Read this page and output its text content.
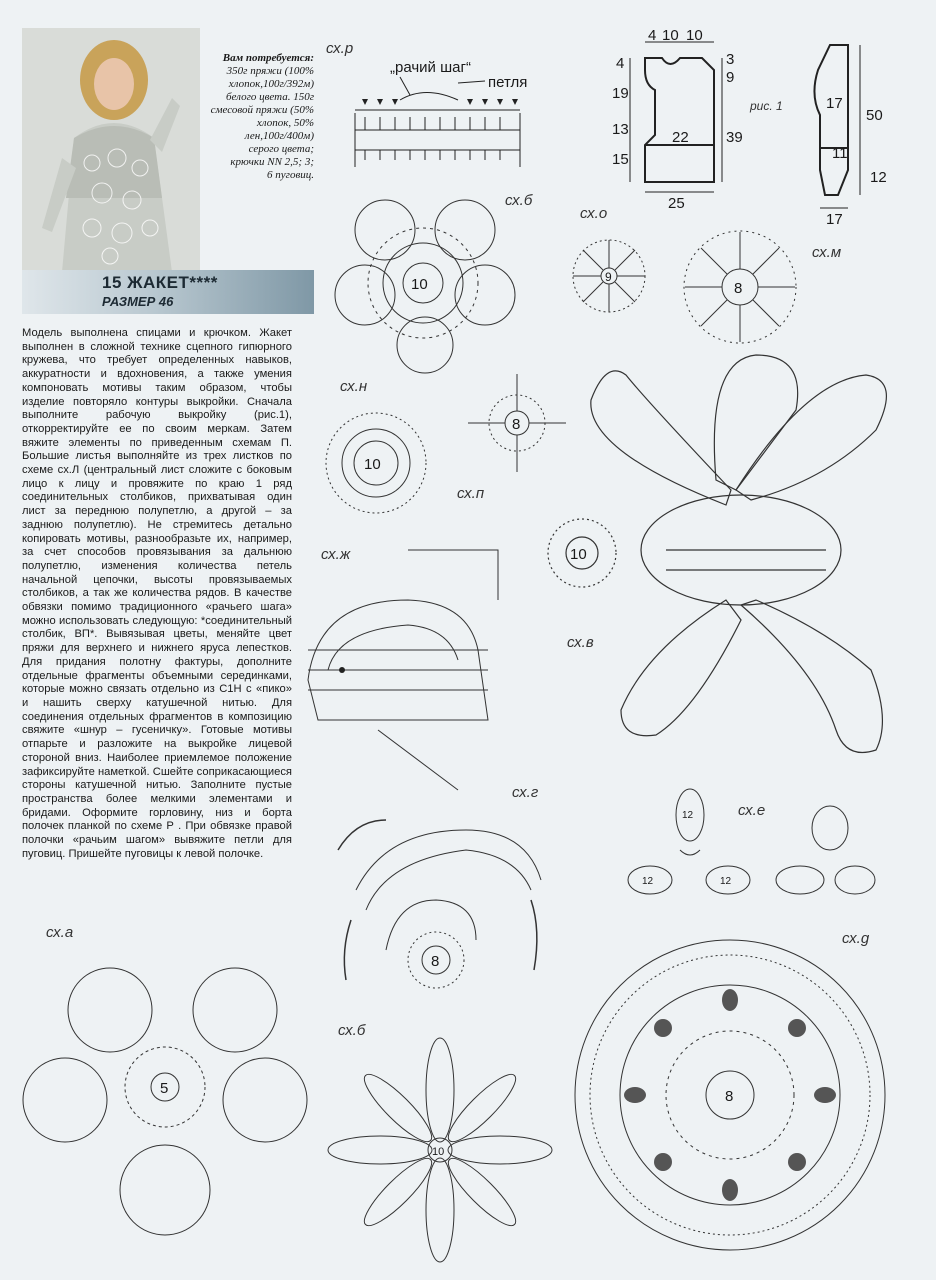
Вам потребуется:
350г пряжи (100%
хлопок,100г/392м)
белого цвета. 150г
смесовой пряжи (50%
хлопок, 50%
лен,100г/400м)
серого цвета;
крючки NN 2,5; 3;
6 пуговиц.
15 ЖАКЕТ****
РАЗМЕР 46

Модель выполнена спицами и крючком. Жакет выполнен в сложной технике сцепного гипюрного кружева, что требует определенных навыков, аккуратности и вдохновения, а также умения компоновать мотивы таким образом, чтобы изделие повторяло контуры выкройки. Сначала выполните рабочую выкройку (рис.1), откорректируйте ее по своим меркам. Затем вяжите элементы по приведенным схемам П. Большие листья выполняйте из трех листков по схеме сх.Л (центральный лист сложите с боковым лицо к лицу и провяжите по краю 1 ряд соединительных столбиков, прихватывая один лист за переднюю полупетлю, а другой – за заднюю полупетлю). Не стремитесь детально копировать мотивы, разнообразьте их, например, за счет способов провязывания за дальнюю полупетлю, изменения количества петель начальной цепочки, высоты провязываемых столбиков, а так же количества рядов. В качестве обвязки помимо традиционного «рачьего шага» можно использовать следующую: *соединительный столбик, ВП*. Вывязывая цветы, меняйте цвет пряжи для верхнего и нижнего яруса лепестков. Для придания полотну фактуры, дополните отдельные фрагменты объемными серединками, которые можно связать отдельно из С1Н с «пико» и нашить сверху катушечной нитью. Для соединения отдельных фрагментов в композицию свяжите «шнур – гусеничку». Готовые мотивы отпарьте и разложите на выкройке лицевой стороной вниз. Наиболее приемлемое положение зафиксируйте наметкой. Сшейте соприкасающиеся стороны катушечной нитью. Заполните пустые пространства более мелкими элементами и бридами. Оформите горловину, низ и борта полочек планкой по схеме Р . При обвязке правой полочки «рачьим шагом» вывяжите петли для пуговиц. Пришейте пуговицы к левой полочке.

сх.р
сх.б
сх.о
сх.м
сх.н
сх.п
сх.ж
сх.в
сх.г
сх.е
сх.а
сх.б
сх.g
„рачий шаг“
петля
4 10 10
4
19
13
15
3
9
39
22
25
рис. 1	17
11
50
12
17
10	9
8
10
8
10
8
12
12	12
5
10
8
